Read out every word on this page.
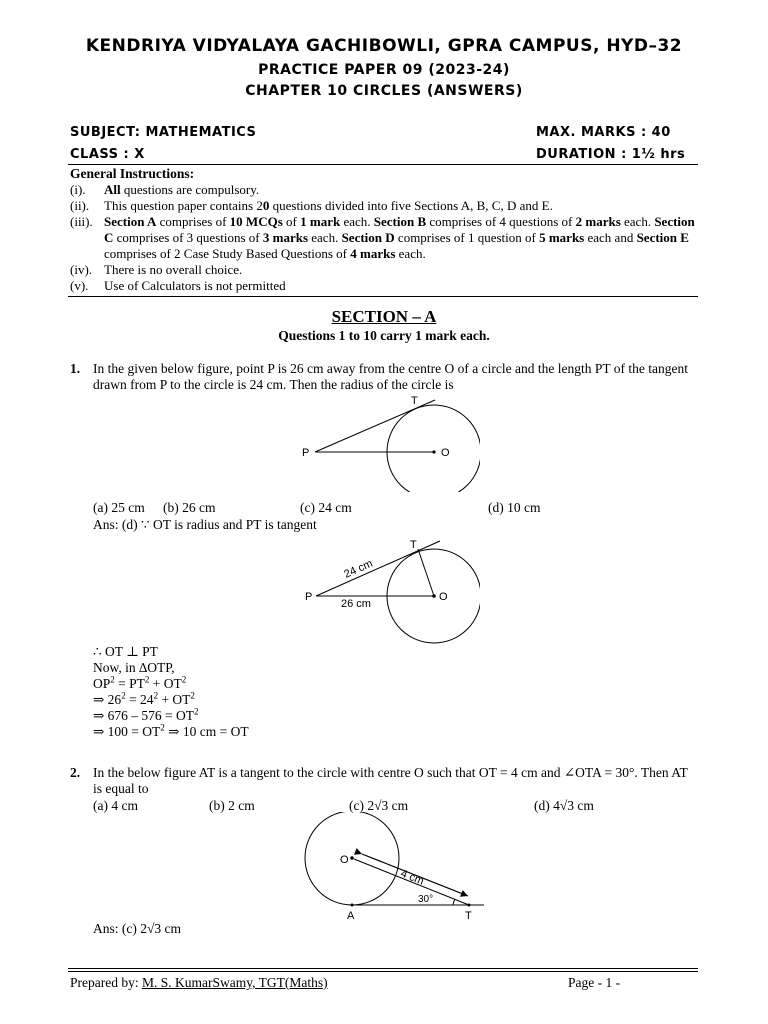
KENDRIYA VIDYALAYA GACHIBOWLI, GPRA CAMPUS, HYD–32
PRACTICE PAPER 09 (2023-24)
CHAPTER 10 CIRCLES (ANSWERS)
SUBJECT: MATHEMATICS	MAX. MARKS : 40
CLASS : X	DURATION : 1½ hrs
General Instructions:
(i). All questions are compulsory.
(ii). This question paper contains 20 questions divided into five Sections A, B, C, D and E.
(iii). Section A comprises of 10 MCQs of 1 mark each. Section B comprises of 4 questions of 2 marks each. Section C comprises of 3 questions of 3 marks each. Section D comprises of 1 question of 5 marks each and Section E comprises of 2 Case Study Based Questions of 4 marks each.
(iv). There is no overall choice.
(v). Use of Calculators is not permitted
SECTION – A
Questions 1 to 10 carry 1 mark each.
1. In the given below figure, point P is 26 cm away from the centre O of a circle and the length PT of the tangent drawn from P to the circle is 24 cm. Then the radius of the circle is
P
T
O
(a) 25 cm (b) 26 cm	(c) 24 cm	(d) 10 cm
Ans: (d) ∵ OT is radius and PT is tangent
P
T
O
24 cm
26 cm
∴ OT ⊥ PT
Now, in ∆OTP,
$OP^2 = PT^2 + OT^2$
⇒ $26^2 = 24^2 + OT^2$
⇒ $676 - 576 = OT^2$
⇒ $100 = OT^2$ ⇒ 10 cm = OT
2. In the below figure AT is a tangent to the circle with centre O such that OT = 4 cm and ∠OTA = 30°. Then AT is equal to
(a) 4 cm	(b) 2 cm	(c) 2√3 cm	(d) 4√3 cm
O
A	T
4 cm
30°
Ans: (c) 2√3 cm
Prepared by: M. S. KumarSwamy, TGT(Maths)	Page - 1 -
